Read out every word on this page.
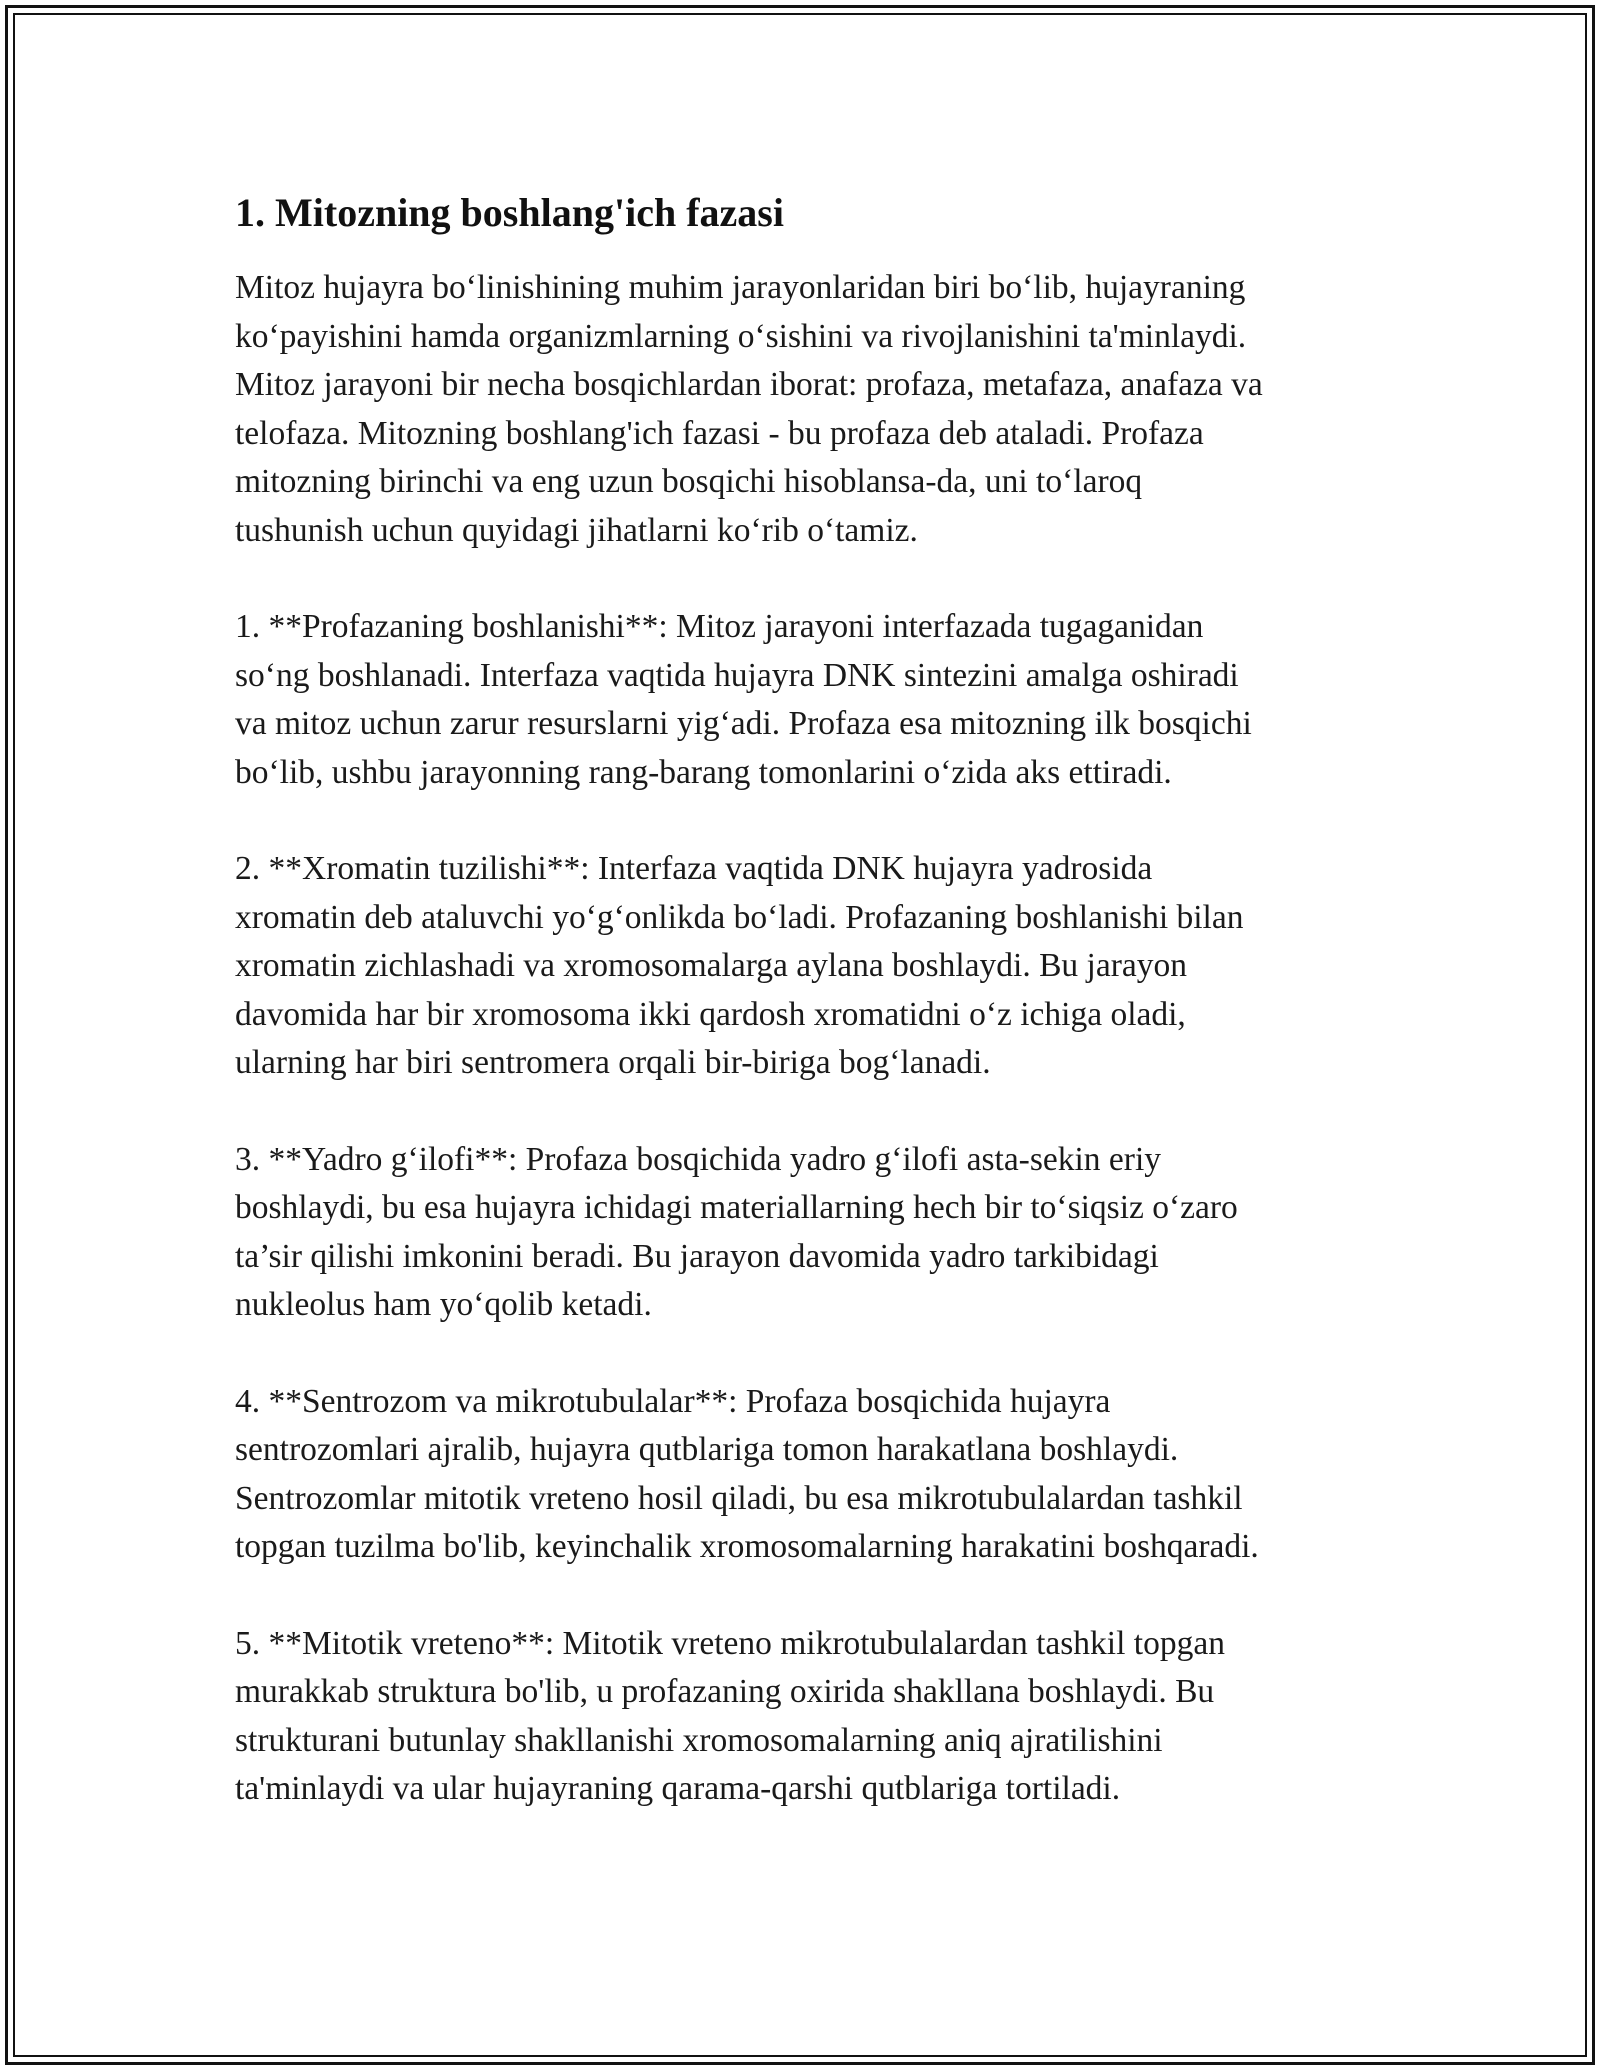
1. Mitozning boshlang'ich fazasi

Mitoz hujayra bo‘linishining muhim jarayonlaridan biri bo‘lib, hujayraning
ko‘payishini hamda organizmlarning o‘sishini va rivojlanishini ta'minlaydi.
Mitoz jarayoni bir necha bosqichlardan iborat: profaza, metafaza, anafaza va
telofaza. Mitozning boshlang'ich fazasi - bu profaza deb ataladi. Profaza
mitozning birinchi va eng uzun bosqichi hisoblansa-da, uni to‘laroq
tushunish uchun quyidagi jihatlarni ko‘rib o‘tamiz.

1. **Profazaning boshlanishi**: Mitoz jarayoni interfazada tugaganidan
so‘ng boshlanadi. Interfaza vaqtida hujayra DNK sintezini amalga oshiradi
va mitoz uchun zarur resurslarni yig‘adi. Profaza esa mitozning ilk bosqichi
bo‘lib, ushbu jarayonning rang-barang tomonlarini o‘zida aks ettiradi.

2. **Xromatin tuzilishi**: Interfaza vaqtida DNK hujayra yadrosida
xromatin deb ataluvchi yo‘g‘onlikda bo‘ladi. Profazaning boshlanishi bilan
xromatin zichlashadi va xromosomalarga aylana boshlaydi. Bu jarayon
davomida har bir xromosoma ikki qardosh xromatidni o‘z ichiga oladi,
ularning har biri sentromera orqali bir-biriga bog‘lanadi.

3. **Yadro g‘ilofi**: Profaza bosqichida yadro g‘ilofi asta-sekin eriy
boshlaydi, bu esa hujayra ichidagi materiallarning hech bir to‘siqsiz o‘zaro
ta’sir qilishi imkonini beradi. Bu jarayon davomida yadro tarkibidagi
nukleolus ham yo‘qolib ketadi.

4. **Sentrozom va mikrotubulalar**: Profaza bosqichida hujayra
sentrozomlari ajralib, hujayra qutblariga tomon harakatlana boshlaydi.
Sentrozomlar mitotik vreteno hosil qiladi, bu esa mikrotubulalardan tashkil
topgan tuzilma bo'lib, keyinchalik xromosomalarning harakatini boshqaradi.

5. **Mitotik vreteno**: Mitotik vreteno mikrotubulalardan tashkil topgan
murakkab struktura bo'lib, u profazaning oxirida shakllana boshlaydi. Bu
strukturani butunlay shakllanishi xromosomalarning aniq ajratilishini
ta'minlaydi va ular hujayraning qarama-qarshi qutblariga tortiladi.
